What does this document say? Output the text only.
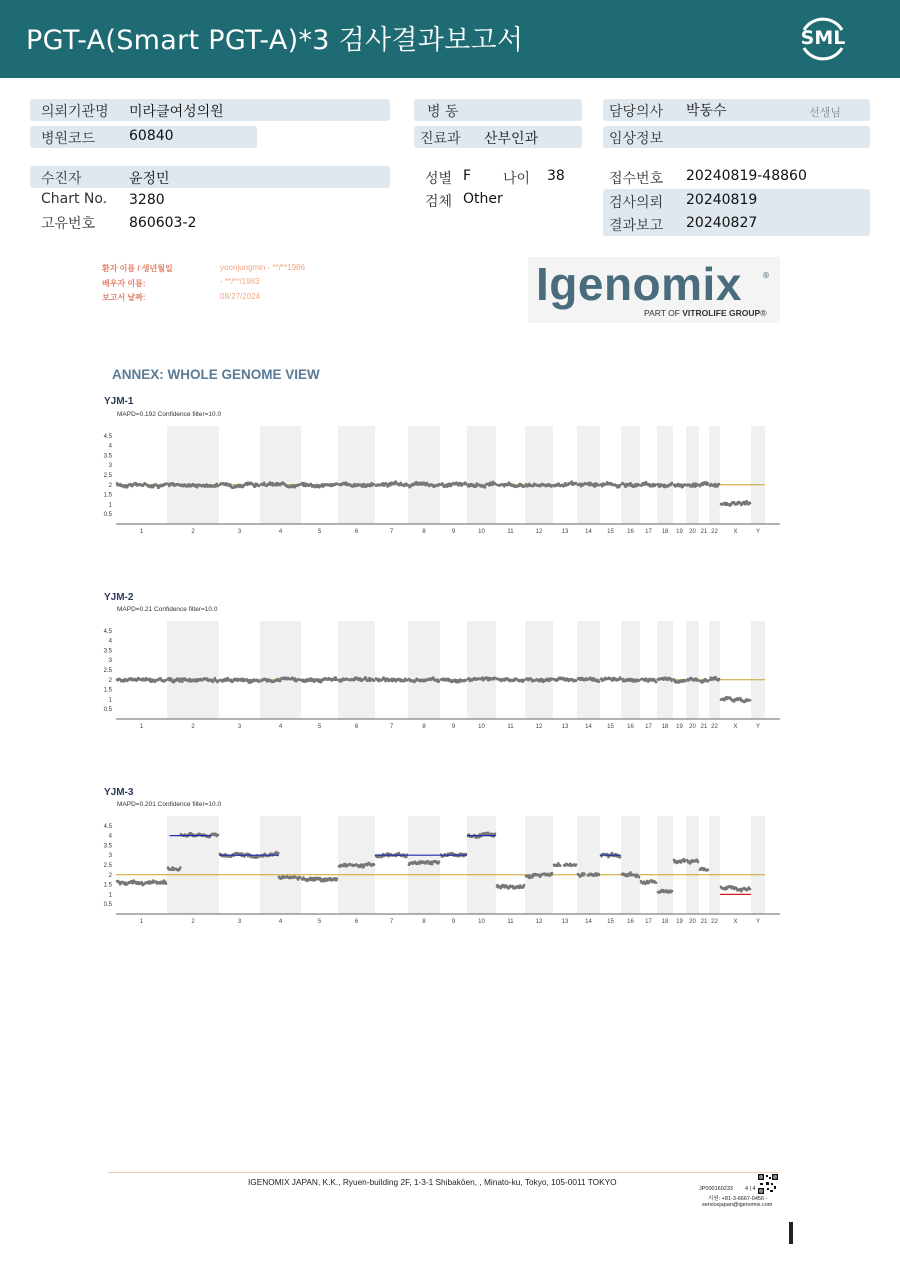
PGT-A(Smart PGT-A)*3 검사결과보고서	SML
의뢰기관명 미라클여성의원	병 동	담당의사 박동수	선생님
병원코드 60840	진료과 산부인과	임상정보
수진자	윤정민	성별 F 나이 38	접수번호 20240819-48860
Chart No. 3280	검체 Other	검사의뢰 20240819
고유번호 860603-2	결과보고 20240827
환자 이름 / 생년월일	yoonjungmin - **/**1986
배우자 이름:	- **/**/1983
보고서 날짜:	08/27/2024	Igenomix	®
PART OF VITROLIFE GROUP®
ANNEX: WHOLE GENOME VIEW
YJM-1
MAPD=0.192 Confidence filter=10.0
0.5
1
1.5
2
2.5
3
3.5
4
4.5
1	2	3	4	5	6	7	8	9	10	11	12	13	14	15 16 17 18 19 20 21 22	X	Y
YJM-2
MAPD=0.21 Confidence filter=10.0
0.5
1
1.5
2
2.5
3
3.5
4
4.5
1	2	3	4	5	6	7	8	9	10	11	12	13	14	15 16 17 18 19 20 21 22	X	Y
YJM-3
MAPD=0.201 Confidence filter=10.0
0.5
1
1.5
2
2.5
3
3.5
4
4.5
1	2	3	4	5	6	7	8	9	10	11	12	13	14	15 16 17 18 19 20 21 22	X	Y
IGENOMIX JAPAN, K.K., Ryuen-building 2F, 1-3-1 Shibakōen, , Minato-ku, Tokyo, 105-0011 TOKYO
JP000160233 4 | 4
지원: +81-3-6667-0456 -
servicejapan@igenomix.com
